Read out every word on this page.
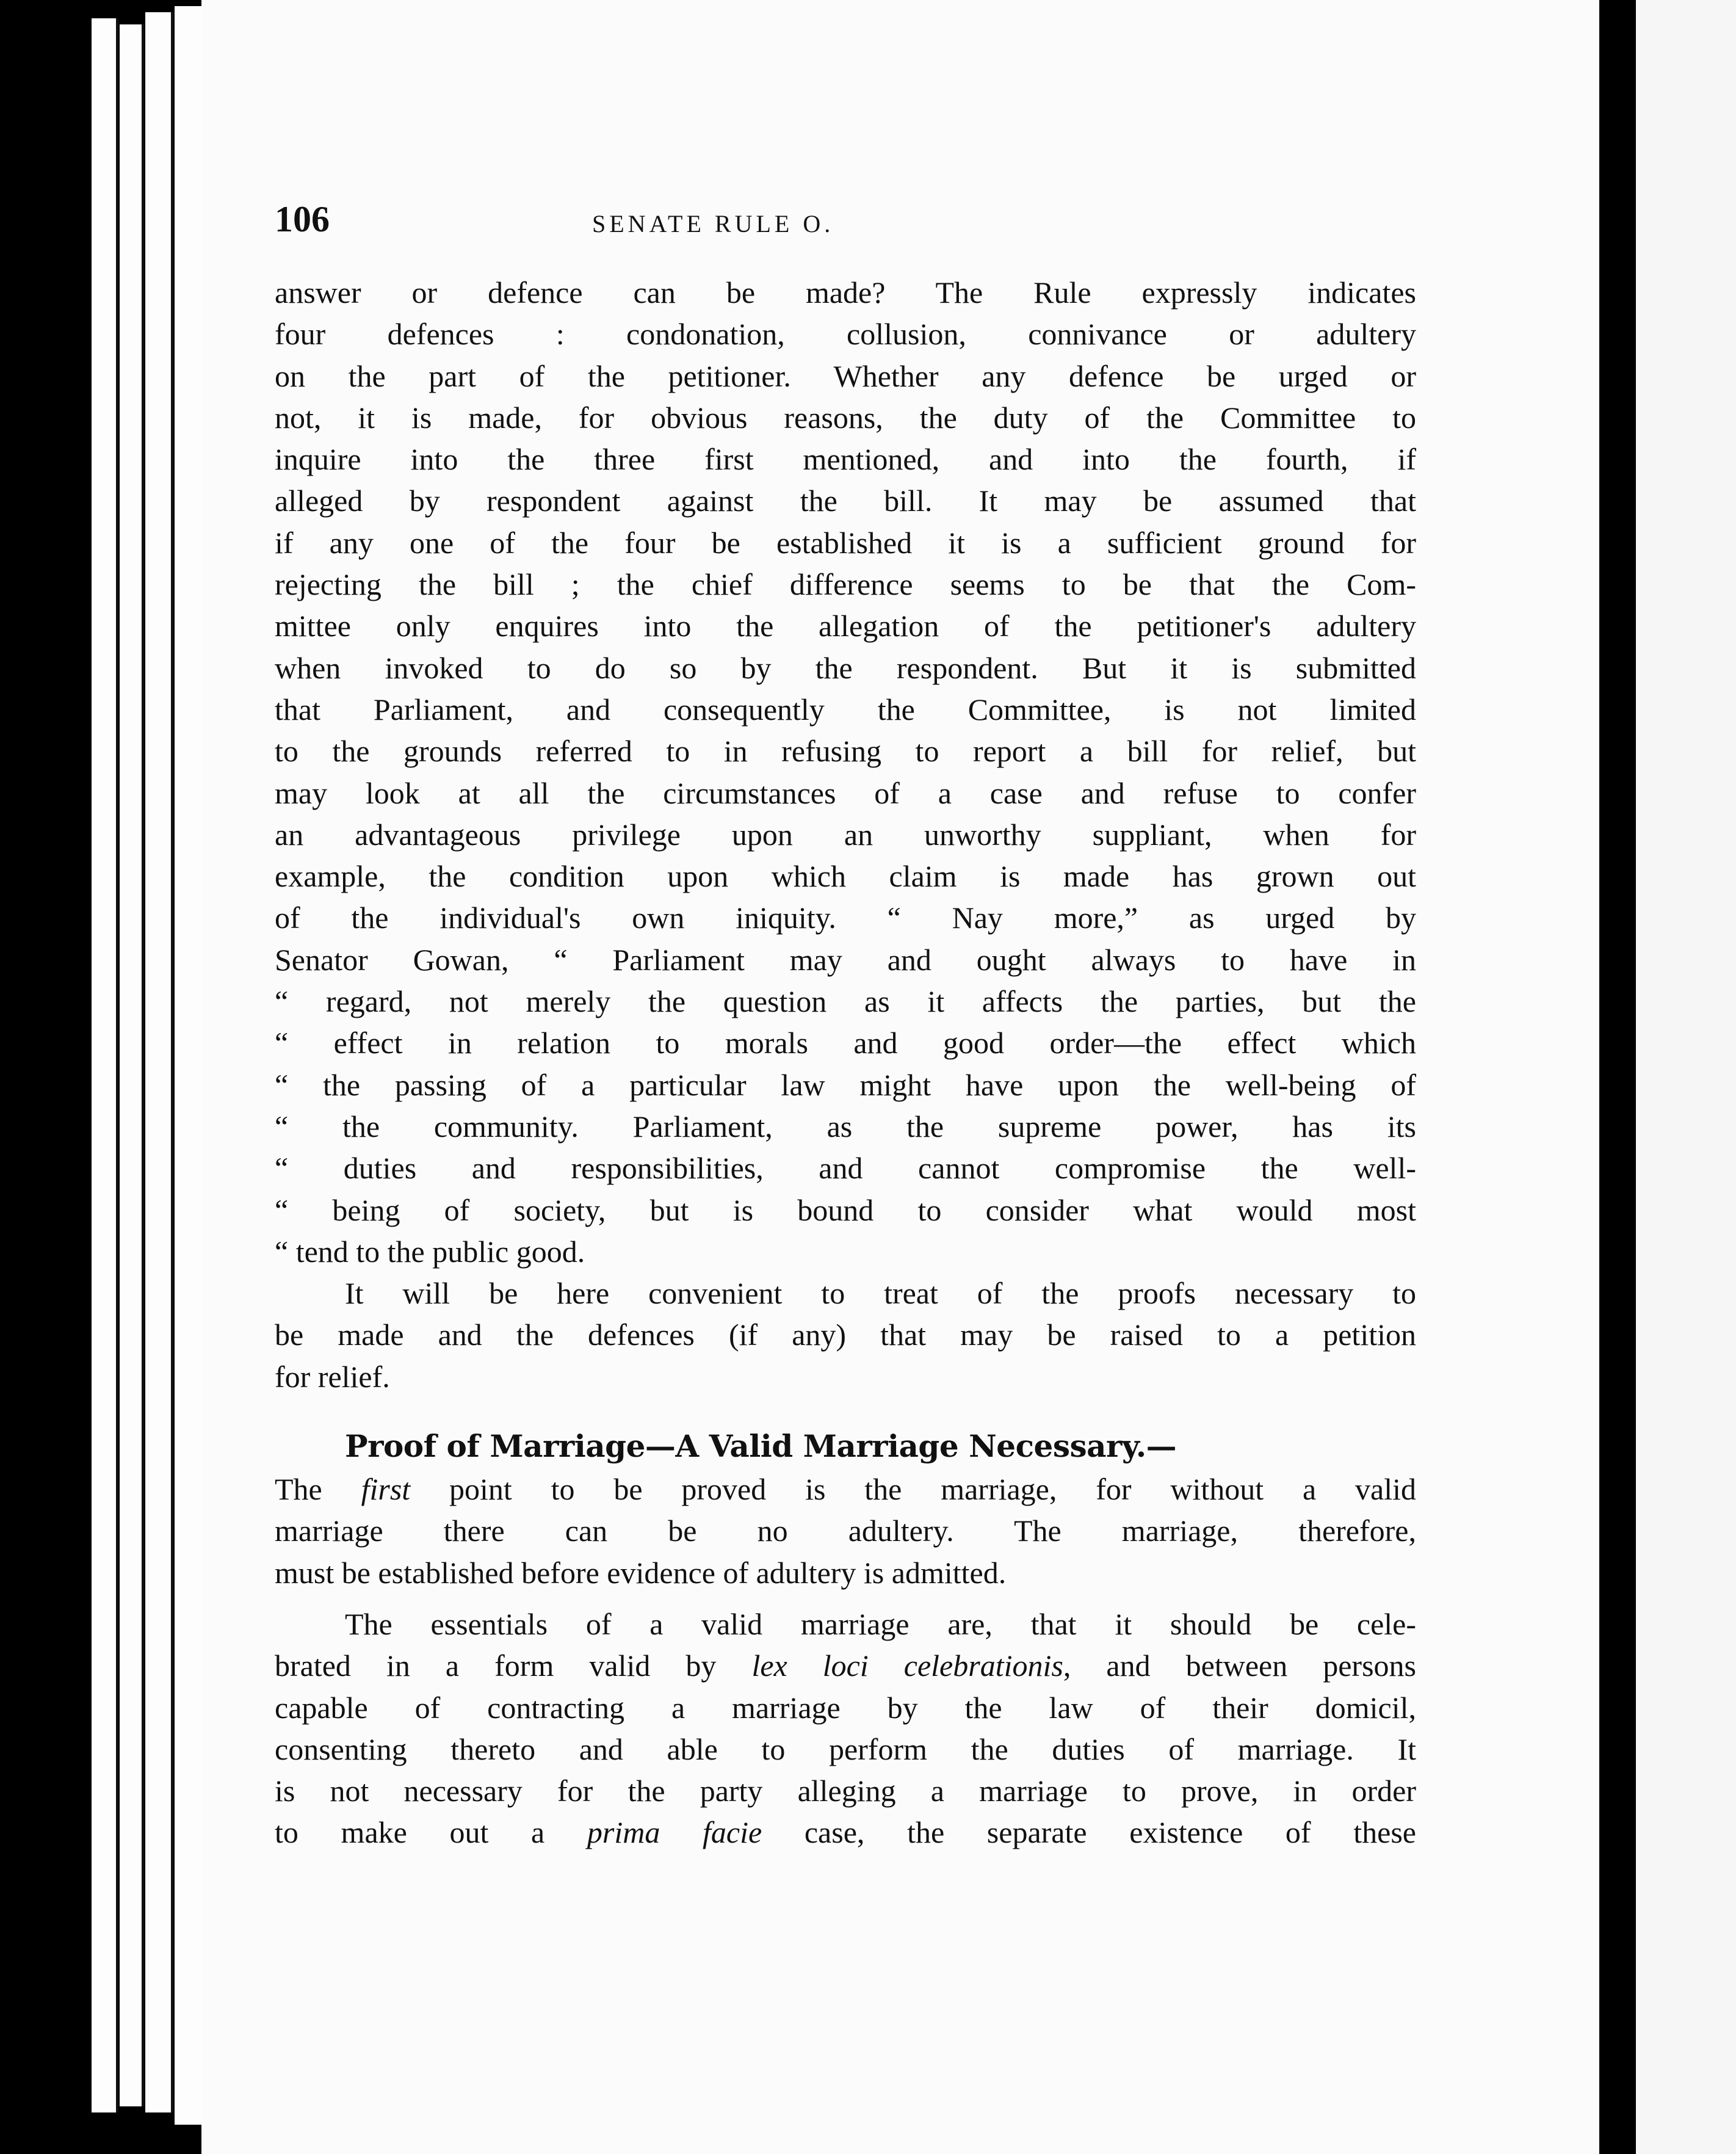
106	SENATE RULE O.
answer or defence can be made? The Rule expressly indicates
four defences : condonation, collusion, connivance or adultery
on the part of the petitioner. Whether any defence be urged or
not, it is made, for obvious reasons, the duty of the Committee to
inquire into the three first mentioned, and into the fourth, if
alleged by respondent against the bill. It may be assumed that
if any one of the four be established it is a sufficient ground for
rejecting the bill ; the chief difference seems to be that the Com-
mittee only enquires into the allegation of the petitioner's adultery
when invoked to do so by the respondent. But it is submitted
that Parliament, and consequently the Committee, is not limited
to the grounds referred to in refusing to report a bill for relief, but
may look at all the circumstances of a case and refuse to confer
an advantageous privilege upon an unworthy suppliant, when for
example, the condition upon which claim is made has grown out
of the individual's own iniquity. “ Nay more,” as urged by
Senator Gowan, “ Parliament may and ought always to have in
“ regard, not merely the question as it affects the parties, but the
“ effect in relation to morals and good order—the effect which
“ the passing of a particular law might have upon the well-being of
“ the community. Parliament, as the supreme power, has its
“ duties and responsibilities, and cannot compromise the well-
“ being of society, but is bound to consider what would most
“ tend to the public good.
It will be here convenient to treat of the proofs necessary to
be made and the defences (if any) that may be raised to a petition
for relief.
Proof of Marriage—A Valid Marriage Necessary.—
The first point to be proved is the marriage, for without a valid
marriage there can be no adultery. The marriage, therefore,
must be established before evidence of adultery is admitted.
The essentials of a valid marriage are, that it should be cele-
brated in a form valid by lex loci celebrationis, and between persons
capable of contracting a marriage by the law of their domicil,
consenting thereto and able to perform the duties of marriage. It
is not necessary for the party alleging a marriage to prove, in order
to make out a prima facie case, the separate existence of these
